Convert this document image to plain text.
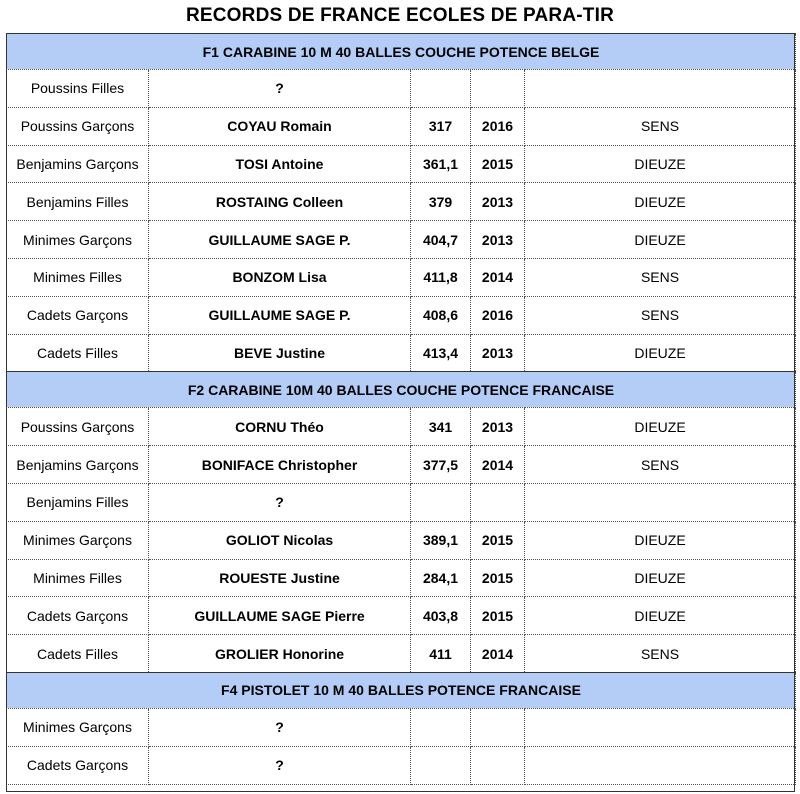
RECORDS DE FRANCE ECOLES DE PARA-TIR
F1 CARABINE 10 M 40 BALLES COUCHE POTENCE BELGE				
Poussins Filles	?			
Poussins Garçons	COYAU Romain	317	2016	SENS
Benjamins Garçons	TOSI Antoine	361,1	2015	DIEUZE
Benjamins Filles	ROSTAING Colleen	379	2013	DIEUZE
Minimes Garçons	GUILLAUME SAGE P.	404,7	2013	DIEUZE
Minimes Filles	BONZOM Lisa	411,8	2014	SENS
Cadets Garçons	GUILLAUME SAGE P.	408,6	2016	SENS
Cadets Filles	BEVE Justine	413,4	2013	DIEUZE
F2 CARABINE 10M 40 BALLES COUCHE POTENCE FRANCAISE				
Poussins Garçons	CORNU Théo	341	2013	DIEUZE
Benjamins Garçons	BONIFACE Christopher	377,5	2014	SENS
Benjamins Filles	?			
Minimes Garçons	GOLIOT Nicolas	389,1	2015	DIEUZE
Minimes Filles	ROUESTE Justine	284,1	2015	DIEUZE
Cadets Garçons	GUILLAUME SAGE Pierre	403,8	2015	DIEUZE
Cadets Filles	GROLIER Honorine	411	2014	SENS
F4 PISTOLET 10 M 40 BALLES POTENCE FRANCAISE				
Minimes Garçons	?			
Cadets Garçons	?			
